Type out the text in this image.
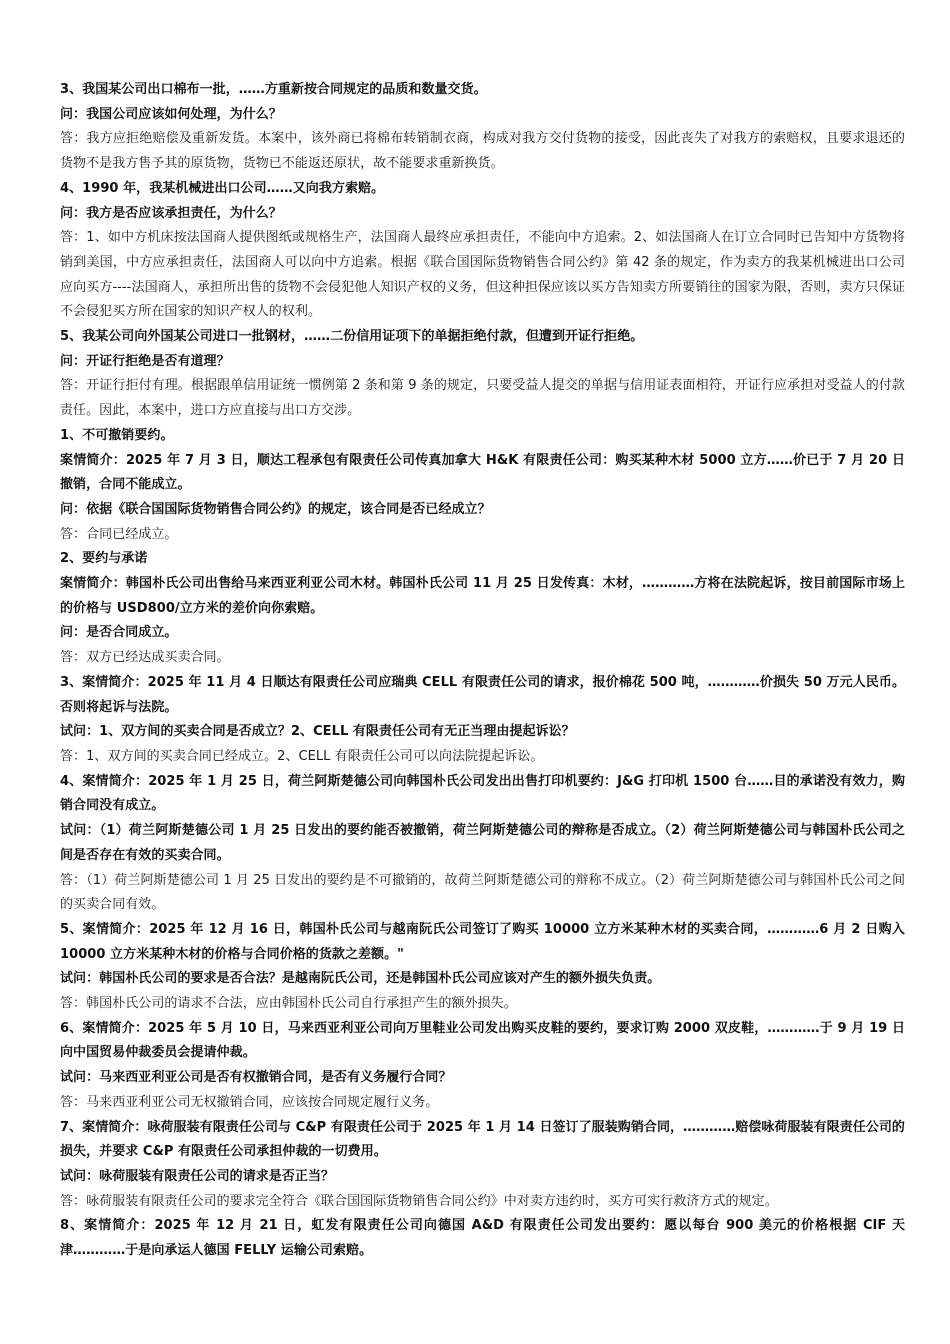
3、我国某公司出口棉布一批，……方重新按合同规定的品质和数量交货。

问：我国公司应该如何处理，为什么？

答：我方应拒绝赔偿及重新发货。本案中，该外商已将棉布转销制衣商，构成对我方交付货物的接受，因此丧失了对我方的索赔权，且要求退还的货物不是我方售予其的原货物，货物已不能返还原状，故不能要求重新换货。

4、1990 年，我某机械进出口公司……又向我方索赔。

问：我方是否应该承担责任，为什么？

答：1、如中方机床按法国商人提供图纸或规格生产，法国商人最终应承担责任，不能向中方追索。2、如法国商人在订立合同时已告知中方货物将销到美国，中方应承担责任，法国商人可以向中方追索。根据《联合国国际货物销售合同公约》第 42 条的规定，作为卖方的我某机械进出口公司应向买方----法国商人，承担所出售的货物不会侵犯他人知识产权的义务，但这种担保应该以买方告知卖方所要销往的国家为限，否则，卖方只保证不会侵犯买方所在国家的知识产权人的权利。

5、我某公司向外国某公司进口一批钢材，……二份信用证项下的单据拒绝付款，但遭到开证行拒绝。

问：开证行拒绝是否有道理？

答：开证行拒付有理。根据跟单信用证统一惯例第 2 条和第 9 条的规定，只要受益人提交的单据与信用证表面相符，开证行应承担对受益人的付款责任。因此，本案中，进口方应直接与出口方交涉。

1、不可撤销要约。

案情简介：2025 年 7 月 3 日，顺达工程承包有限责任公司传真加拿大 H&K 有限责任公司：购买某种木材 5000 立方……价已于 7 月 20 日撤销，合同不能成立。

问：依据《联合国国际货物销售合同公约》的规定，该合同是否已经成立？

答：合同已经成立。

2、要约与承诺

案情简介：韩国朴氏公司出售给马来西亚利亚公司木材。韩国朴氏公司 11 月 25 日发传真：木材，…………方将在法院起诉，按目前国际市场上的价格与 USD800/立方米的差价向你索赔。

问：是否合同成立。

答：双方已经达成买卖合同。

3、案情简介：2025 年 11 月 4 日顺达有限责任公司应瑞典 CELL 有限责任公司的请求，报价棉花 500 吨，…………价损失 50 万元人民币。否则将起诉与法院。

试问：1、双方间的买卖合同是否成立？2、CELL 有限责任公司有无正当理由提起诉讼？

答：1、双方间的买卖合同已经成立。2、CELL 有限责任公司可以向法院提起诉讼。

4、案情简介：2025 年 1 月 25 日，荷兰阿斯楚德公司向韩国朴氏公司发出出售打印机要约：J&G 打印机 1500 台……目的承诺没有效力，购销合同没有成立。

试问：（1）荷兰阿斯楚德公司 1 月 25 日发出的要约能否被撤销，荷兰阿斯楚德公司的辩称是否成立。（2）荷兰阿斯楚德公司与韩国朴氏公司之间是否存在有效的买卖合同。

答：（1）荷兰阿斯楚德公司 1 月 25 日发出的要约是不可撤销的，故荷兰阿斯楚德公司的辩称不成立。（2）荷兰阿斯楚德公司与韩国朴氏公司之间的买卖合同有效。

5、案情简介：2025 年 12 月 16 日，韩国朴氏公司与越南阮氏公司签订了购买 10000 立方米某种木材的买卖合同，…………6 月 2 日购入 10000 立方米某种木材的价格与合同价格的货款之差额。"

试问：韩国朴氏公司的要求是否合法？是越南阮氏公司，还是韩国朴氏公司应该对产生的额外损失负责。

答：韩国朴氏公司的请求不合法，应由韩国朴氏公司自行承担产生的额外损失。

6、案情简介：2025 年 5 月 10 日，马来西亚利亚公司向万里鞋业公司发出购买皮鞋的要约，要求订购 2000 双皮鞋，…………于 9 月 19 日向中国贸易仲裁委员会提请仲裁。

试问：马来西亚利亚公司是否有权撤销合同，是否有义务履行合同？

答：马来西亚利亚公司无权撤销合同，应该按合同规定履行义务。

7、案情简介：咏荷服装有限责任公司与 C&P 有限责任公司于 2025 年 1 月 14 日签订了服装购销合同，…………赔偿咏荷服装有限责任公司的损失，并要求 C&P 有限责任公司承担仲裁的一切费用。

试问：咏荷服装有限责任公司的请求是否正当？

答：咏荷服装有限责任公司的要求完全符合《联合国国际货物销售合同公约》中对卖方违约时，买方可实行救济方式的规定。

8、案情简介：2025 年 12 月 21 日，虹发有限责任公司向德国 A&D 有限责任公司发出要约：愿以每台 900 美元的价格根据 CIF 天津…………于是向承运人德国 FELLY 运输公司索赔。
